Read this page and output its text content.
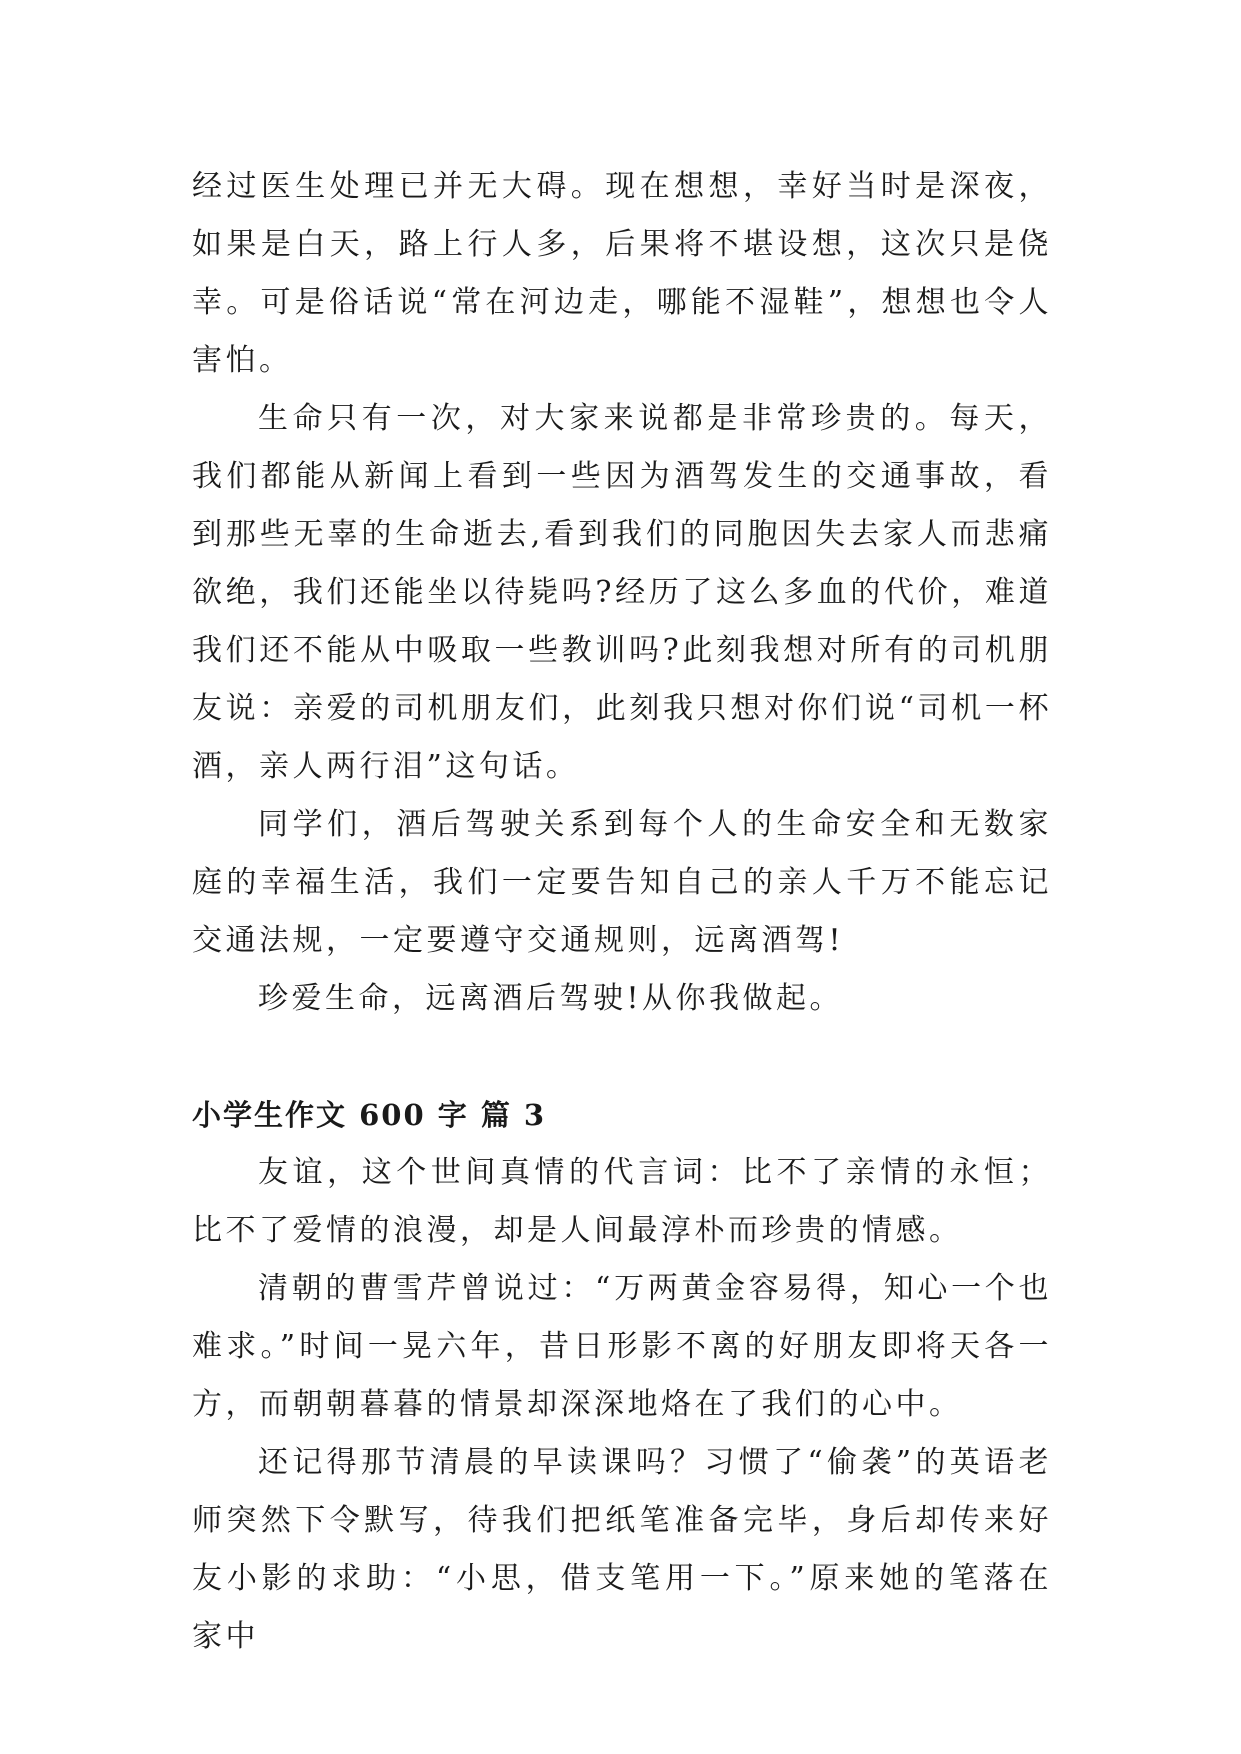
经过医生处理已并无大碍。现在想想，幸好当时是深夜，如果是白天，路上行人多，后果将不堪设想，这次只是侥幸。可是俗话说“常在河边走，哪能不湿鞋”，想想也令人害怕。

生命只有一次，对大家来说都是非常珍贵的。每天，我们都能从新闻上看到一些因为酒驾发生的交通事故，看到那些无辜的生命逝去,看到我们的同胞因失去家人而悲痛欲绝，我们还能坐以待毙吗?经历了这么多血的代价，难道我们还不能从中吸取一些教训吗?此刻我想对所有的司机朋友说：亲爱的司机朋友们，此刻我只想对你们说“司机一杯酒，亲人两行泪”这句话。

同学们，酒后驾驶关系到每个人的生命安全和无数家庭的幸福生活，我们一定要告知自己的亲人千万不能忘记交通法规，一定要遵守交通规则，远离酒驾!

珍爱生命，远离酒后驾驶!从你我做起。

小学生作文 600 字 篇 3

友谊，这个世间真情的代言词：比不了亲情的永恒；比不了爱情的浪漫，却是人间最淳朴而珍贵的情感。

清朝的曹雪芹曾说过：“万两黄金容易得，知心一个也难求。”时间一晃六年，昔日形影不离的好朋友即将天各一方，而朝朝暮暮的情景却深深地烙在了我们的心中。

还记得那节清晨的早读课吗？习惯了“偷袭”的英语老师突然下令默写，待我们把纸笔准备完毕，身后却传来好友小影的求助：“小思，借支笔用一下。”原来她的笔落在家中
